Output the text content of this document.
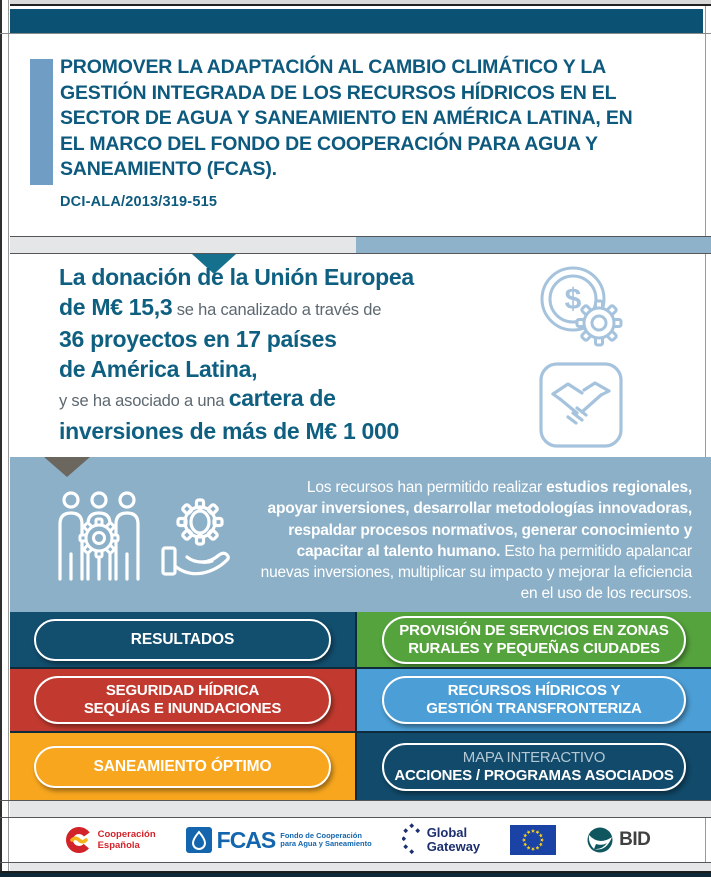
PROMOVER LA ADAPTACIÓN AL CAMBIO CLIMÁTICO Y LA GESTIÓN INTEGRADA DE LOS RECURSOS HÍDRICOS EN EL SECTOR DE AGUA Y SANEAMIENTO EN AMÉRICA LATINA, EN EL MARCO DEL FONDO DE COOPERACIÓN PARA AGUA Y SANEAMIENTO (FCAS).
DCI-ALA/2013/319-515
La donación de la Unión Europea
de M€ 15,3 se ha canalizado a través de
36 proyectos en 17 países
de América Latina,
y se ha asociado a una cartera de
inversiones de más de M€ 1 000
$
Los recursos han permitido realizar estudios regionales, apoyar inversiones, desarrollar metodologías innovadoras, respaldar procesos normativos, generar conocimiento y capacitar al talento humano. Esto ha permitido apalancar nuevas inversiones, multiplicar su impacto y mejorar la eficiencia en el uso de los recursos.
RESULTADOS
PROVISIÓN DE SERVICIOS EN ZONAS
RURALES Y PEQUEÑAS CIUDADES
SEGURIDAD HÍDRICA
SEQUÍAS E INUNDACIONES
RECURSOS HÍDRICOS Y
GESTIÓN TRANSFRONTERIZA
SANEAMIENTO ÓPTIMO
MAPA INTERACTIVO
ACCIONES / PROGRAMAS ASOCIADOS
Cooperación
Española	FCAS Fondo de Cooperación
para Agua y Saneamiento
Global
Gateway	BID
